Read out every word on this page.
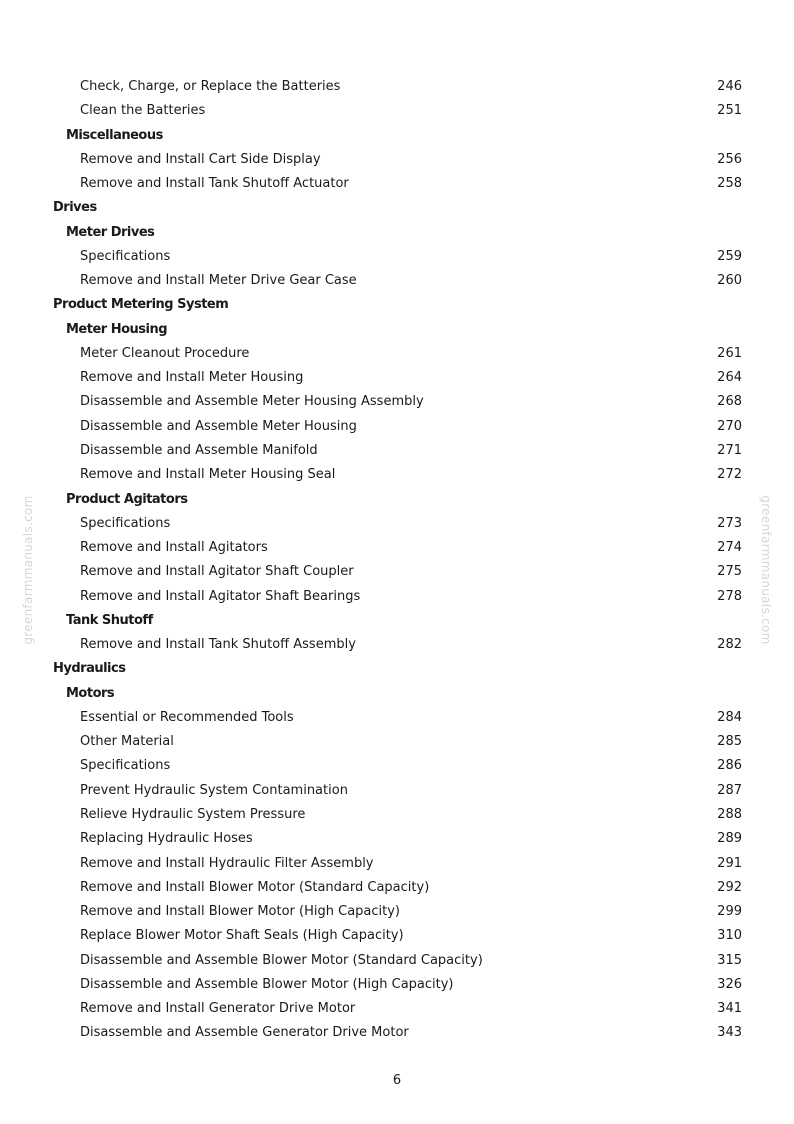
Check, Charge, or Replace the Batteries	246
Clean the Batteries	251
Miscellaneous
Remove and Install Cart Side Display	256
Remove and Install Tank Shutoff Actuator	258
Drives
Meter Drives
Specifications	259
Remove and Install Meter Drive Gear Case	260
Product Metering System
Meter Housing
Meter Cleanout Procedure	261
Remove and Install Meter Housing	264
Disassemble and Assemble Meter Housing Assembly	268
Disassemble and Assemble Meter Housing	270
Disassemble and Assemble Manifold	271
Remove and Install Meter Housing Seal	272
Product Agitators
Specifications	273
Remove and Install Agitators	274
Remove and Install Agitator Shaft Coupler	275
Remove and Install Agitator Shaft Bearings	278
Tank Shutoff
Remove and Install Tank Shutoff Assembly	282
Hydraulics
Motors
Essential or Recommended Tools	284
Other Material	285
Specifications	286
Prevent Hydraulic System Contamination	287
Relieve Hydraulic System Pressure	288
Replacing Hydraulic Hoses	289
Remove and Install Hydraulic Filter Assembly	291
Remove and Install Blower Motor (Standard Capacity)	292
Remove and Install Blower Motor (High Capacity)	299
Replace Blower Motor Shaft Seals (High Capacity)	310
Disassemble and Assemble Blower Motor (Standard Capacity)	315
Disassemble and Assemble Blower Motor (High Capacity)	326
Remove and Install Generator Drive Motor	341
Disassemble and Assemble Generator Drive Motor	343
greenfarmmanuals.com	greenfarmmanuals.com
6
